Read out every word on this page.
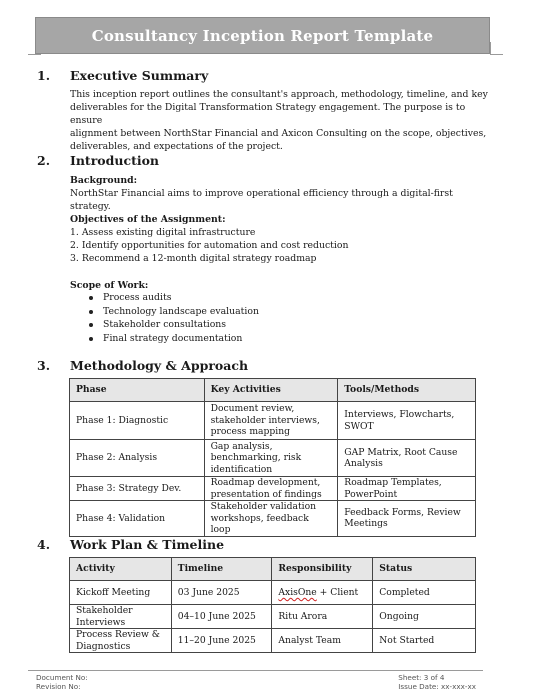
Consultancy Inception Report Template
1. Executive Summary
This inception report outlines the consultant's approach, methodology, timeline, and key
deliverables for the Digital Transformation Strategy engagement. The purpose is to ensure
alignment between NorthStar Financial and Axicon Consulting on the scope, objectives,
deliverables, and expectations of the project.
2. Introduction
Background:
NorthStar Financial aims to improve operational efficiency through a digital-first strategy.
Objectives of the Assignment:
1. Assess existing digital infrastructure
2. Identify opportunities for automation and cost reduction
3. Recommend a 12-month digital strategy roadmap
Scope of Work:
Process audits
Technology landscape evaluation
Stakeholder consultations
Final strategy documentation
3. Methodology & Approach
Phase	Key Activities	Tools/Methods
Phase 1: Diagnostic	Document review, stakeholder interviews, process mapping	Interviews, Flowcharts, SWOT
Phase 2: Analysis	Gap analysis, benchmarking, risk identification	GAP Matrix, Root Cause Analysis
Phase 3: Strategy Dev.	Roadmap development, presentation of findings	Roadmap Templates, PowerPoint
Phase 4: Validation	Stakeholder validation workshops, feedback loop	Feedback Forms, Review Meetings
4. Work Plan & Timeline
Activity	Timeline	Responsibility	Status
Kickoff Meeting	03 June 2025	AxisOne + Client	Completed
Stakeholder Interviews	04–10 June 2025	Ritu Arora	Ongoing
Process Review & Diagnostics	11–20 June 2025	Analyst Team	Not Started
Document No:
Revision No:
Sheet: 3 of 4
Issue Date: xx-xxx-xx
